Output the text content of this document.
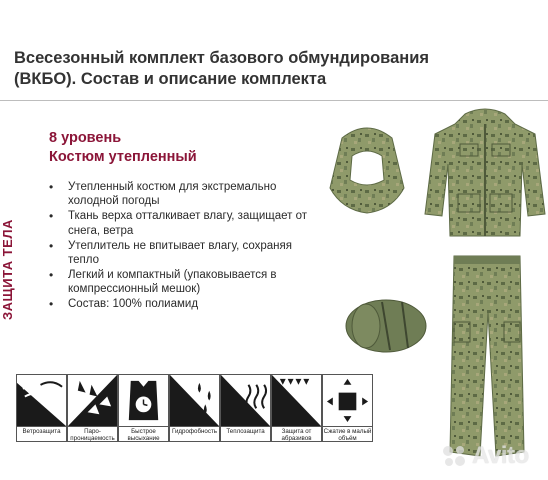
Всесезонный комплект базового обмундирования
(ВКБО). Состав и описание комплекта
ЗАЩИТА ТЕЛА
8 уровень
Костюм утепленный
• Утепленный костюм для экстремально холодной погоды
• Ткань верха отталкивает влагу, защищает от снега, ветра
• Утеплитель не впитывает влагу, сохраняя тепло
• Легкий и компактный (упаковывается в компрессионный мешок)
• Состав: 100% полиамид
Ветрозащита	Паро-проницаемость
Быстрое высыхание
Гидрофобность	Теплозащита	Защита от абразивов
Сжатие в малый объём
Avito
